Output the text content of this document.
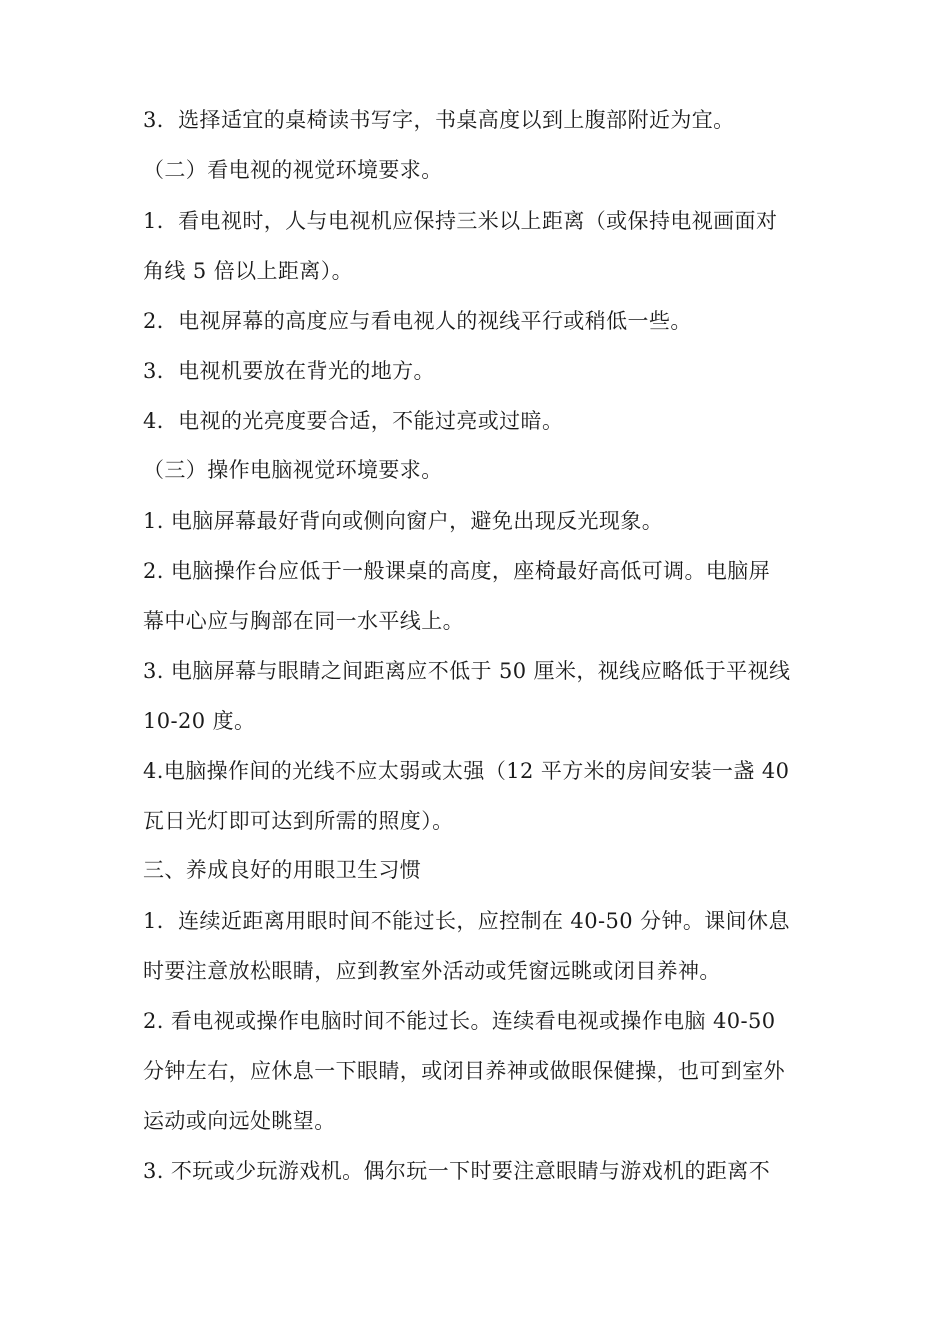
3．选择适宜的桌椅读书写字，书桌高度以到上腹部附近为宜。
（二）看电视的视觉环境要求。
1．看电视时，人与电视机应保持三米以上距离（或保持电视画面对
角线 5 倍以上距离）。
2．电视屏幕的高度应与看电视人的视线平行或稍低一些。
3．电视机要放在背光的地方。
4．电视的光亮度要合适，不能过亮或过暗。
（三）操作电脑视觉环境要求。
1. 电脑屏幕最好背向或侧向窗户，避免出现反光现象。
2. 电脑操作台应低于一般课桌的高度，座椅最好高低可调。电脑屏
幕中心应与胸部在同一水平线上。
3. 电脑屏幕与眼睛之间距离应不低于 50 厘米，视线应略低于平视线
10-20 度。
4.电脑操作间的光线不应太弱或太强（12 平方米的房间安装一盏 40
瓦日光灯即可达到所需的照度）。
三、养成良好的用眼卫生习惯
1．连续近距离用眼时间不能过长，应控制在 40-50 分钟。课间休息
时要注意放松眼睛，应到教室外活动或凭窗远眺或闭目养神。
2. 看电视或操作电脑时间不能过长。连续看电视或操作电脑 40-50
分钟左右，应休息一下眼睛，或闭目养神或做眼保健操，也可到室外
运动或向远处眺望。
3. 不玩或少玩游戏机。偶尔玩一下时要注意眼睛与游戏机的距离不
